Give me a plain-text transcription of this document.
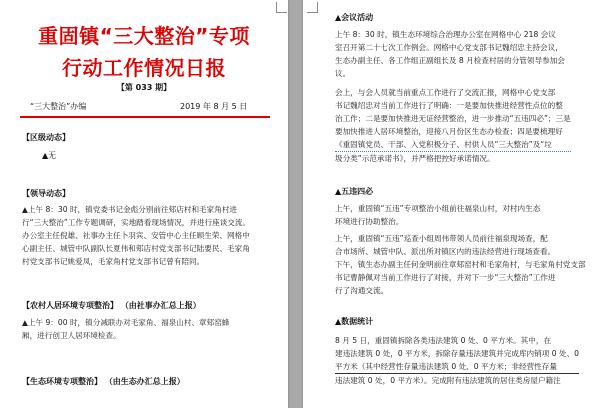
重固镇“三大整治”专项
行动工作情况日报
【第 033 期】
“三大整治”办编	2019 年 8 月 5 日
【区级动态】
▲无
【领导动态】
▲上午 8：30 时，镇党委书记金彪分别前往郏店村和毛家角村进
行“三大整治”工作专题调研，实地踏看现场情况，并进行座谈交流。
办公室主任倪雄、社事办主任卜羽宾、安管中心主任顾生荣、网格中
心副主任、城管中队副队长夏伟和郏店村党支部书记陆要民、毛家角
村党支部书记姚爱凤，毛家角村党支部书记曾有陪同。
【农村人居环境专项整治】 （由社事办汇总上报）
▲上午 9：00 时，镇分减联办对毛家角、福泉山村、章郏窑蜂
厢，进行创卫人居环境检查。
【生态环境专项整治】 （由生态办汇总上报）
▲会议活动
上午 8：30 时，镇生态环境综合治理办公室在网格中心 218 会议
室召开第二十七次工作例会。网格中心党支部书记魏绍忠主持会议，
生态办副主任、各工作组正副组长及 8 月检查村居的分管领导参加会
议。
会上，与会人员就当前重点工作进行了交流汇报，网格中心党支部
书记魏绍忠对当前工作进行了明确：一是要加快推进经营性点位的整
治工作；二是要加快推进无证经营整治，进一步推动“五违四必”；三是
要加快推进人居环境整治，迎接八月份区生态办检查；四是要梳理好
《重固镇党员、干部、入党积极分子、村供人员“三大整治”及“垃
圾分类”示范承诺书》，并严格把控好承诺情况。
▲五违四必
上午，重固镇“五违”专项整治小组前往福泉山村，对村内生态
环境进行协助整治。
上午，重固镇“五违”巡查小组周伟带领人员前往福泉现场查，配
合市场所、城管中队、派出所对镇区内的违法经营进行现场查看。
下午，镇生态办副主任何金明前往章郏窑村和毛家角村，与毛家角村党支部
书记曹静佩对当前工作进行了对接，并对下一步“三大整治”工作进
行了沟通交流。
▲数据统计
8 月 5 日，重固镇拆除各类违法建筑 0 处、0 平方米。其中，在
建违法建筑 0 处，0 平方米，拆除存量违法建筑并完成库内销项 0 处、0
平方米（其中经营性存量违法建筑 0 处、0 平方米；非经营性存量
违法建筑 0 处，0 平方米）。完成附有违法建筑的居住类房屋户籍注
